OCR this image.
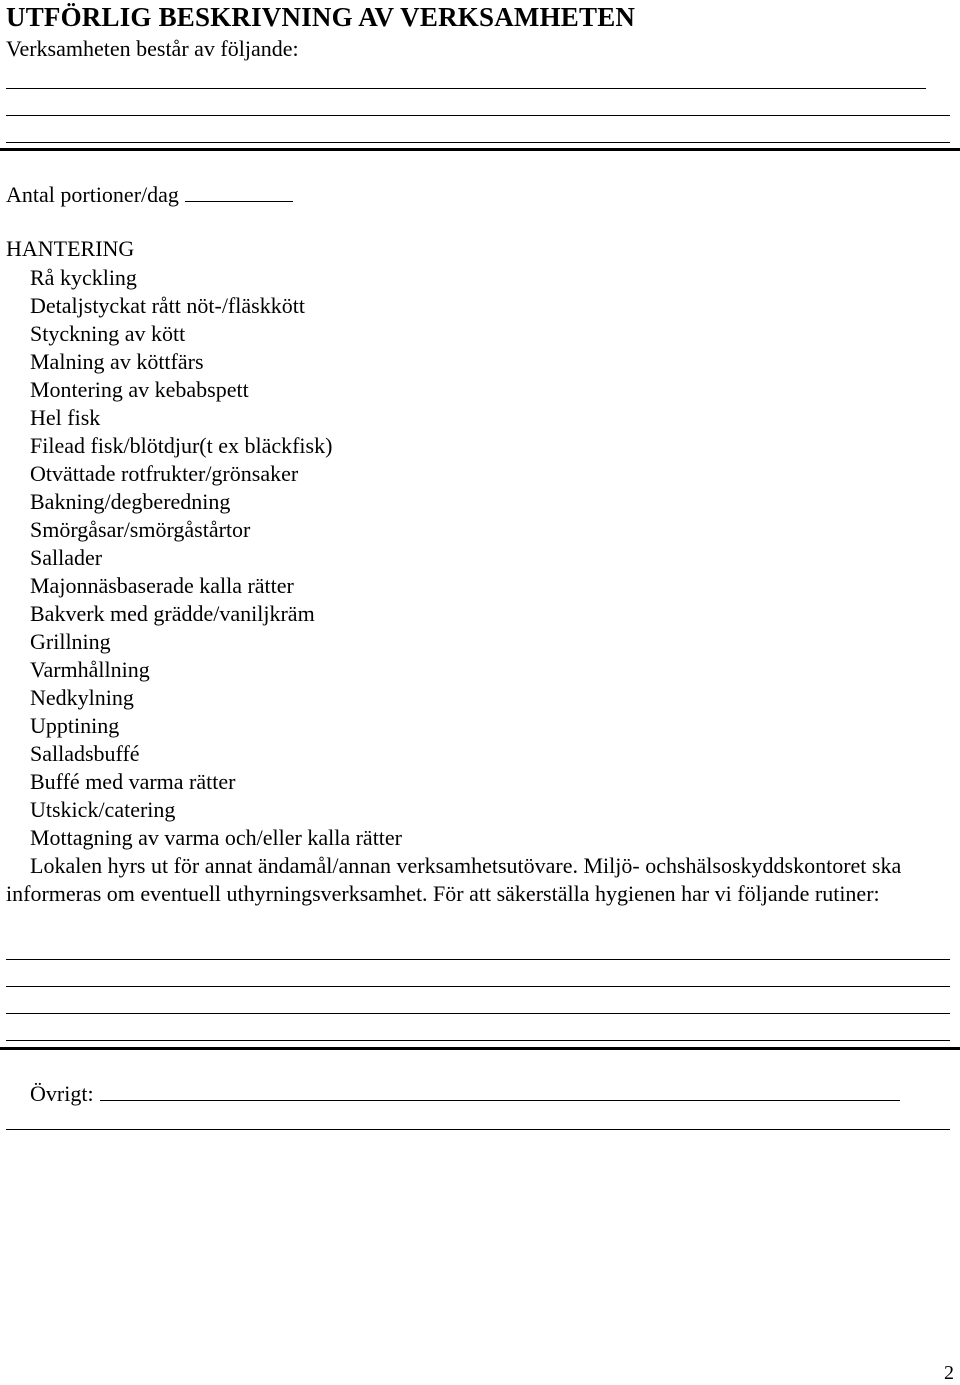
UTFÖRLIG BESKRIVNING AV VERKSAMHETEN
Verksamheten består av följande:
Antal portioner/dag
HANTERING
Rå kyckling
Detaljstyckat rått nöt-/fläskkött
Styckning av kött
Malning av köttfärs
Montering av kebabspett
Hel fisk
Filead fisk/blötdjur(t ex bläckfisk)
Otvättade rotfrukter/grönsaker
Bakning/degberedning
Smörgåsar/smörgåstårtor
Sallader
Majonnäsbaserade kalla rätter
Bakverk med grädde/vaniljkräm
Grillning
Varmhållning
Nedkylning
Upptining
Salladsbuffé
Buffé med varma rätter
Utskick/catering
Mottagning av varma och/eller kalla rätter
Lokalen hyrs ut för annat ändamål/annan verksamhetsutövare. Miljö- ochshälsoskyddskontoret ska informeras om eventuell uthyrningsverksamhet. För att säkerställa hygienen har vi följande rutiner:
Övrigt:
2
